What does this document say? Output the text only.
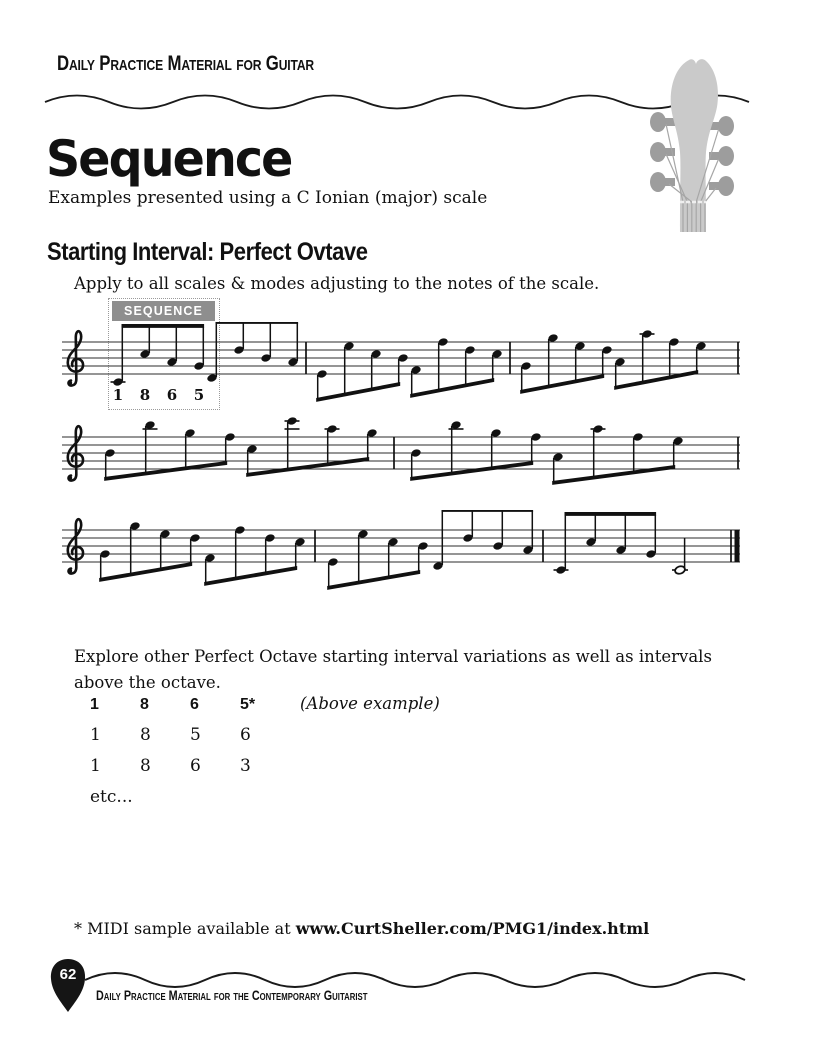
DAILY PRACTICE MATERIAL FOR GUITAR
Sequence
Examples presented using a C Ionian (major) scale
Starting Interval: Perfect Ovtave
Apply to all scales & modes adjusting to the notes of the scale.
SEQUENCE
1 8 6 5
Explore other Perfect Octave starting interval variations as well as intervals above the octave.
1	8	6	5*	(Above example)
1	8	5	6
1	8	6	3
etc...
* MIDI sample available at www.CurtSheller.com/PMG1/index.html
62
DAILY PRACTICE MATERIAL FOR THE CONTEMPORARY GUITARIST
